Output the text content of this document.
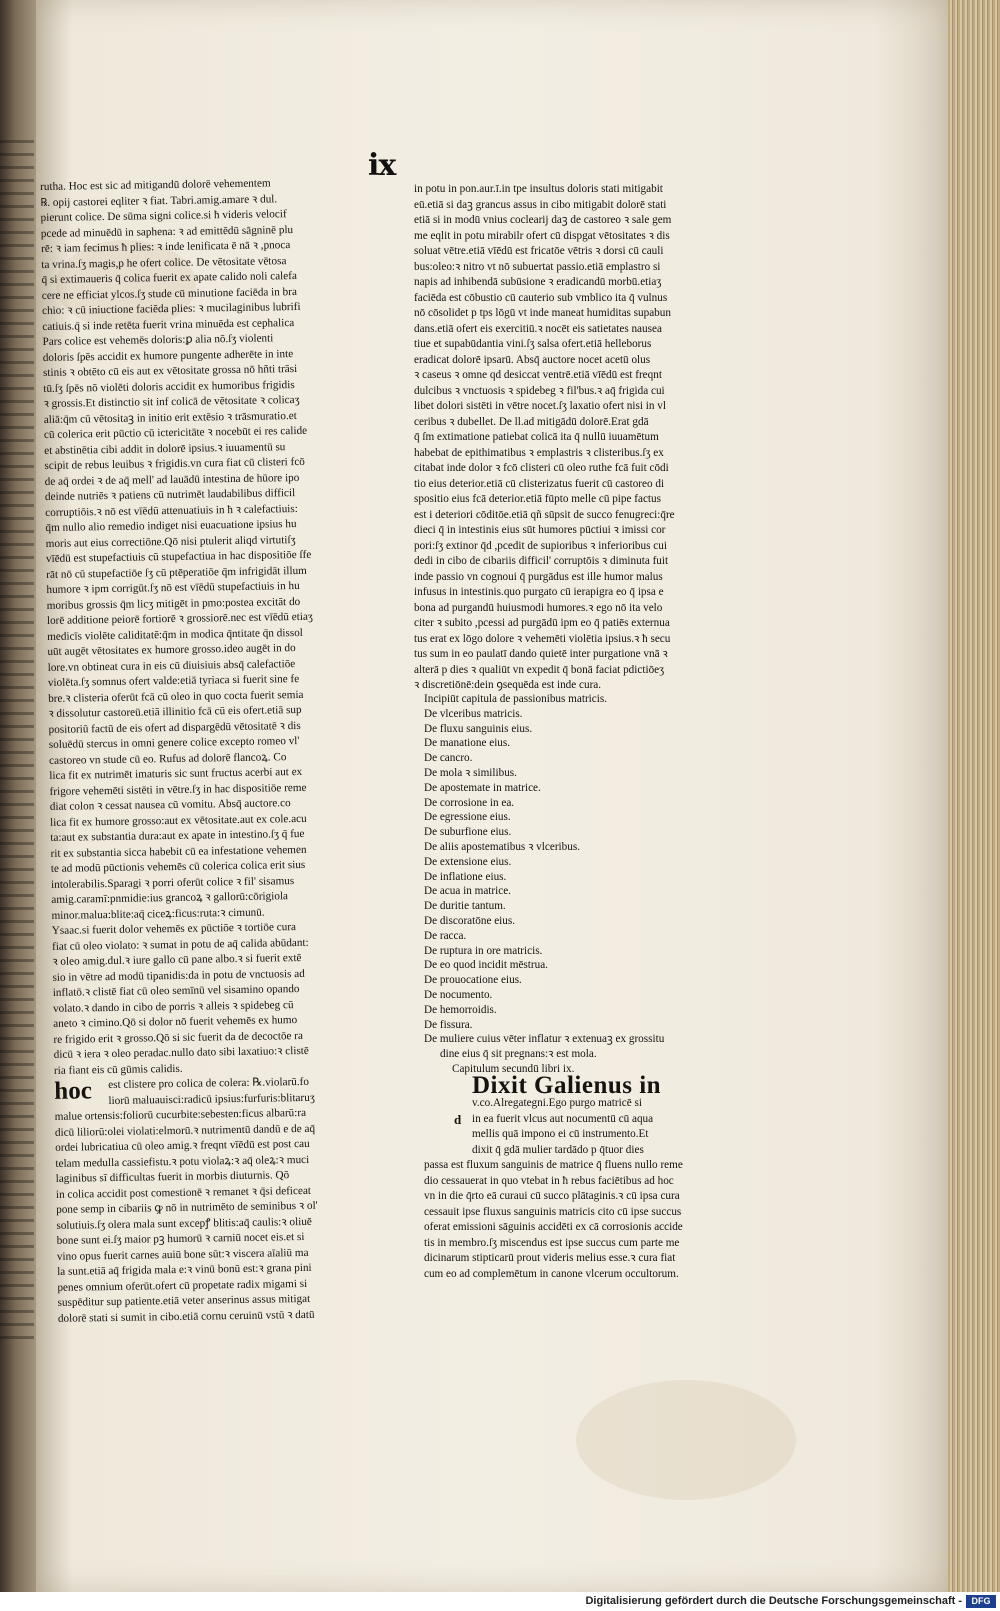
ix

rutha. Hoc est sic ad mitigandū dolorē vehementem

℞. opij castorei eqliter ꝛ fiat. Tabri.amig.amare ꝛ dul.

pierunt colice. De sūma signi colice.si ħ videris velocif

pcede ad minuēdū in saphena: ꝛ ad emittēdū sāgninē plu

rē: ꝛ iam fecimus ħ plies: ꝛ inde lenificata ē nā ꝛ ,pnoca

ta vrina.ſʒ magis,p he ofert colice. De vētositate vētosa

q̄ si extimaueris q̄ colica fuerit ex apate calido noli calefa

cere ne efficiat ylcos.ſʒ stude cū minutione faciēda in bra

chio: ꝛ cū iniuctione faciēda plies: ꝛ mucilaginibus lubrifi

catiuis.q̄ si inde retēta fuerit vrina minuēda est cephalica

Pars colice est vehemēs doloris:ꝑ alia nō.ſʒ violenti

doloris ſpēs accidit ex humore pungente adherēte in inte

stinis ꝛ obtēto cū eis aut ex vētositate grossa nō hñti trāsi

tū.ſʒ ſpēs nō violēti doloris accidit ex humoribus frigidis

ꝛ grossis.Et distinctio sit inf colicā de vētositate ꝛ colicaʒ

aliā:q̄m cū vētositaꝫ in initio erit extēsio ꝛ trāsmuratio.et

cū colerica erit pūctio cū ictericitāte ꝛ nocebūt ei res calide

et abstinētia cibi addit in dolorē ipsius.ꝛ iuuamentū su

scipit de rebus leuibus ꝛ frigidis.vn cura fiat cū clisteri fcō

de aq̄ ordei ꝛ de aq̄ mell' ad lauādū intestina de hūore ipo

deinde nutriēs ꝛ patiens cū nutrimēt laudabilibus difficil

corruptiōis.ꝛ nō est vīēdū attenuatiuis in ħ ꝛ calefactiuis:

q̄m nullo alio remedio indiget nisi euacuatione ipsius hu

moris aut eius correctiōne.Qō nisi ptulerit aliqd virtutiſʒ

vīēdū est stupefactiuis cū stupefactiua in hac dispositiōe ſfe

rāt nō cū stupefactiōe ſʒ cū ptēperatiōe q̄m infrigidāt illum

humore ꝛ ipm corrigūt.ſʒ nō est vīēdū stupefactiuis in hu

moribus grossis q̄m licʒ mitigēt in pmo:postea excitāt do

lorē additione peiorē fortiorē ꝛ grossiorē.nec est vīēdū etiaʒ

medicīs violēte caliditatē:q̄m in modica q̄ntitate q̄n dissol

uūt augēt vētositates ex humore grosso.ideo augēt in do

lore.vn obtineat cura in eis cū diuisiuis absq̄ calefactiōe

violēta.ſʒ somnus ofert valde:etiā tyriaca si fuerit sine fe

bre.ꝛ clisteria oferūt fcā cū oleo in quo cocta fuerit semia

ꝛ dissolutur castoreū.etiā illinitio fcā cū eis ofert.etiā sup

positoriū factū de eis ofert ad dispargēdū vētositatē ꝛ dis

soluēdū stercus in omni genere colice excepto romeo vl'

castoreo vn stude cū eo. Rufus ad dolorē flancoꝝ. Co

lica fit ex nutrimēt imaturis sic sunt fructus acerbi aut ex

frigore vehemēti sistēti in vētre.ſʒ in hac dispositiōe reme

diat colon ꝛ cessat nausea cū vomitu. Absq̄ auctore.co

lica fit ex humore grosso:aut ex vētositate.aut ex cole.acu

ta:aut ex substantia dura:aut ex apate in intestino.ſʒ q̄ fue

rit ex substantia sicca habebit cū ea infestatione vehemen

te ad modū pūctionis vehemēs cū colerica colica erit sius

intolerabilis.Sparagi ꝛ porri oferūt colice ꝛ fil' sisamus

amig.caramī:pnmidie:ius grancoꝝ ꝛ gallorū:cōrigiola

minor.malua:blite:aq̄ ciceꝝ:ficus:ruta:ꝛ cimunū.

Ysaac.si fuerit dolor vehemēs ex pūctiōe ꝛ tortiōe cura

fiat cū oleo violato: ꝛ sumat in potu de aq̄ calida abūdant:

ꝛ oleo amig.dul.ꝛ iure gallo cū pane albo.ꝛ si fuerit extē

sio in vētre ad modū tipanidis:da in potu de vnctuosis ad

inflatō.ꝛ clistē fiat cū oleo semīnū vel sisamino opando

volato.ꝛ dando in cibo de porris ꝛ alleis ꝛ spidebeg cū

aneto ꝛ cimino.Qō si dolor nō fuerit vehemēs ex humo

re frigido erit ꝛ grosso.Qō si sic fuerit da de decoctōe ra

dicū ꝛ iera ꝛ oleo peradac.nullo dato sibi laxatiuo:ꝛ clistē

ria fiant eis cū gūmis calidis.

hoc	est clistere pro colica de colera: ℞.violarū.fo

liorū maluauisci:radicū ipsius:furfuris:blitaruʒ

malue ortensis:foliorū cucurbite:sebesten:ficus albarū:ra

dicū liliorū:olei violati:elmorū.ꝛ nutrimentū dandū e de aq̄

ordei lubricatiua cū oleo amig.ꝛ freqnt vīēdū est post cau

telam medulla cassiefistu.ꝛ potu violaꝝ:ꝛ aq̄ oleꝝ:ꝛ muci

laginibus sī difficultas fuerit in morbis diuturnis. Qō

in colica accidit post comestionē ꝛ remanet ꝛ q̄si deficeat

pone semp in cibariis ꝙ nō in nutrimēto de seminibus ꝛ ol'

solutiuis.ſʒ olera mala sunt excepꝭ blitis:aq̄ caulis:ꝛ oliuē

bone sunt ei.ſʒ maior pꝫ humorū ꝛ carniū nocet eis.et si

vino opus fuerit carnes auiū bone sūt:ꝛ viscera aīaliū ma

la sunt.etiā aq̄ frigida mala e:ꝛ vinū bonū est:ꝛ grana pini

penes omnium oferūt.ofert cū propetate radix migami si

suspēditur sup patiente.etiā veter anserinus assus mitigat

dolorē stati si sumit in cibo.etiā cornu ceruinū vstū ꝛ datū

in potu in pon.aur.ī.in tpe insultus doloris stati mitigabit

eū.etiā si daꝫ grancus assus in cibo mitigabit dolorē stati

etiā si in modū vnius coclearij daꝫ de castoreo ꝛ sale gem

me eqlit in potu mirabilr ofert cū dispgat vētositates ꝛ dis

soluat vētre.etiā vīēdū est fricatōe vētris ꝛ dorsi cū cauli

bus:oleo:ꝛ nitro vt nō subuertat passio.etiā emplastro si

napis ad inhibendā subūsione ꝛ eradicandū morbū.etiaʒ

faciēda est cōbustio cū cauterio sub vmblico ita q̄ vulnus

nō cōsolidet p tps lōgū vt inde maneat humiditas supabun

dans.etiā ofert eis exercitiū.ꝛ nocēt eis satietates nausea

tiue et supabūdantia vini.ſʒ salsa ofert.etiā helleborus

eradicat dolorē ipsarū. Absq̄ auctore nocet acetū olus

ꝛ caseus ꝛ omne qd desiccat ventrē.etiā vīēdū est freqnt

dulcibus ꝛ vnctuosis ꝛ spidebeg ꝛ fil'bus.ꝛ aq̄ frigida cui

libet dolori sistēti in vētre nocet.ſʒ laxatio ofert nisi in vl

ceribus ꝛ dubellet. De ll.ad mitigādū dolorē.Erat gdā

q̄ ſm extimatione patiebat colicā ita q̄ nullū iuuamētum

habebat de epithimatibus ꝛ emplastris ꝛ clisteribus.ſʒ ex

citabat inde dolor ꝛ fcō clisteri cū oleo ruthe fcā fuit cōdi

tio eius deterior.etiā cū clisterizatus fuerit cū castoreo di

spositio eius fcā deterior.etiā fūpto melle cū pipe factus

est i deteriori cōditōe.etiā qñ sūpsit de succo fenugreci:q̄re

dieci q̄ in intestinis eius sūt humores pūctiui ꝛ imissi cor

pori:ſʒ extinor q̄d ,pcedit de supioribus ꝛ inferioribus cui

dedi in cibo de cibariis difficil' corruptōis ꝛ diminuta fuit

inde passio vn cognoui q̄ purgādus est ille humor malus

infusus in intestinis.quo purgato cū ierapigra eo q̄ ipsa e

bona ad purgandū huiusmodi humores.ꝛ ego nō ita velo

citer ꝛ subito ,pcessi ad purgādū ipm eo q̄ patiēs externua

tus erat ex lōgo dolore ꝛ vehemēti violētia ipsius.ꝛ ħ secu

tus sum in eo paulatī dando quietē inter purgatione vnā ꝛ

alterā p dies ꝛ qualiūt vn expedit q̄ bonā faciat pdictiōeʒ

ꝛ discretiōnē:dein ꝯsequēda est inde cura.

Incipiūt capitula de passionibus matricis.

De vlceribus matricis.

De fluxu sanguinis eius.

De manatione eius.

De cancro.

De mola ꝛ similibus.

De apostemate in matrice.

De corrosione in ea.

De egressione eius.

De suburfione eius.

De aliis apostematibus ꝛ vlceribus.

De extensione eius.

De inflatione eius.

De acua in matrice.

De duritie tantum.

De discoratōne eius.

De racca.

De ruptura in ore matricis.

De eo quod incidit mēstrua.

De prouocatione eius.

De nocumento.

De hemorroidis.

De fissura.

De muliere cuius vēter inflatur ꝛ extenuaꝫ ex grossitu

dine eius q̄ sit pregnans:ꝛ est mola.

Capitulum secundū libri ix.

Dixit Galienus in
d

v.co.Alregategni.Ego purgo matricē si

in ea fuerit vlcus aut nocumentū cū aqua

mellis quā impono ei cū instrumento.Et

dixit q̄ gdā mulier tardādo p q̄tuor dies

passa est fluxum sanguinis de matrice q̄ fluens nullo reme

dio cessauerat in quo vtebat in ħ rebus faciētibus ad hoc

vn in die q̄rto eā curaui cū succo plātaginis.ꝛ cū ipsa cura

cessauit ipse fluxus sanguinis matricis cito cū ipse succus

oferat emissioni sāguinis accidēti ex cā corrosionis accide

tis in membro.ſʒ miscendus est ipse succus cum parte me

dicinarum stipticarū prout videris melius esse.ꝛ cura fiat

cum eo ad complemētum in canone vlcerum occultorum.

Digitalisierung gefördert durch die Deutsche Forschungsgemeinschaft -	DFG
